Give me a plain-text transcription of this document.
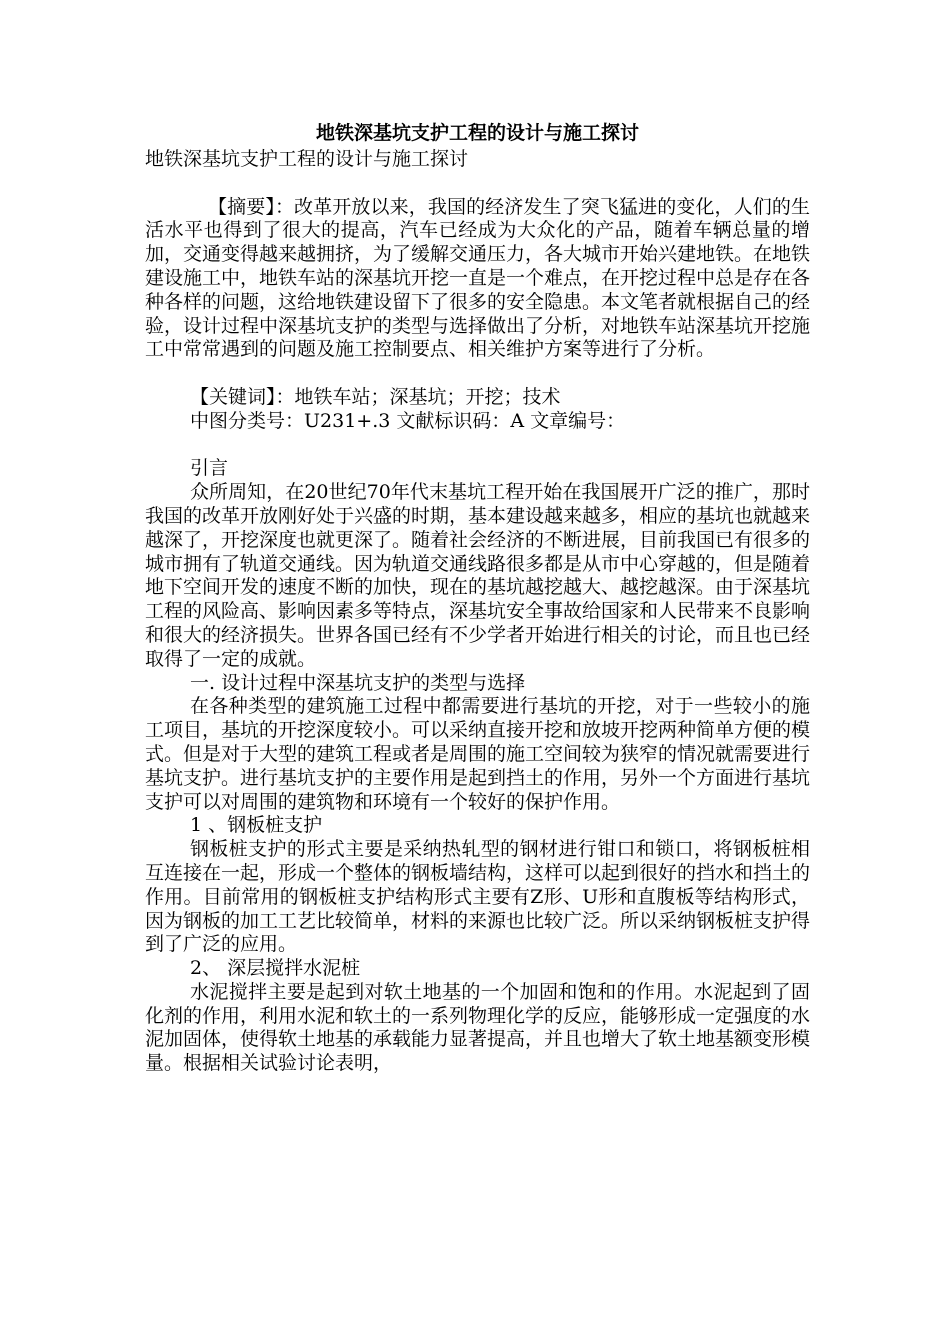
地铁深基坑支护工程的设计与施工探讨

地铁深基坑支护工程的设计与施工探讨

【摘要】：改革开放以来，我国的经济发生了突飞猛进的变化，人们的生活水平也得到了很大的提高，汽车已经成为大众化的产品，随着车辆总量的增加，交通变得越来越拥挤，为了缓解交通压力，各大城市开始兴建地铁。在地铁建设施工中，地铁车站的深基坑开挖一直是一个难点，在开挖过程中总是存在各种各样的问题，这给地铁建设留下了很多的安全隐患。本文笔者就根据自己的经验，设计过程中深基坑支护的类型与选择做出了分析，对地铁车站深基坑开挖施工中常常遇到的问题及施工控制要点、相关维护方案等进行了分析。

【关键词】：地铁车站；深基坑；开挖；技术

中图分类号：U231+.3 文献标识码：A 文章编号：

引言

众所周知，在20世纪70年代末基坑工程开始在我国展开广泛的推广，那时我国的改革开放刚好处于兴盛的时期，基本建设越来越多，相应的基坑也就越来越深了，开挖深度也就更深了。随着社会经济的不断进展，目前我国已有很多的城市拥有了轨道交通线。因为轨道交通线路很多都是从市中心穿越的，但是随着地下空间开发的速度不断的加快，现在的基坑越挖越大、越挖越深。由于深基坑工程的风险高、影响因素多等特点，深基坑安全事故给国家和人民带来不良影响和很大的经济损失。世界各国已经有不少学者开始进行相关的讨论，而且也已经取得了一定的成就。

一. 设计过程中深基坑支护的类型与选择

在各种类型的建筑施工过程中都需要进行基坑的开挖，对于一些较小的施工项目，基坑的开挖深度较小。可以采纳直接开挖和放坡开挖两种简单方便的模式。但是对于大型的建筑工程或者是周围的施工空间较为狭窄的情况就需要进行基坑支护。进行基坑支护的主要作用是起到挡土的作用，另外一个方面进行基坑支护可以对周围的建筑物和环境有一个较好的保护作用。

1 、钢板桩支护

钢板桩支护的形式主要是采纳热轧型的钢材进行钳口和锁口，将钢板桩相互连接在一起，形成一个整体的钢板墙结构，这样可以起到很好的挡水和挡土的作用。目前常用的钢板桩支护结构形式主要有Z形、U形和直腹板等结构形式，因为钢板的加工工艺比较简单，材料的来源也比较广泛。所以采纳钢板桩支护得到了广泛的应用。

2、 深层搅拌水泥桩

水泥搅拌主要是起到对软土地基的一个加固和饱和的作用。水泥起到了固化剂的作用，利用水泥和软土的一系列物理化学的反应，能够形成一定强度的水泥加固体，使得软土地基的承载能力显著提高，并且也增大了软土地基额变形模量。根据相关试验讨论表明，
